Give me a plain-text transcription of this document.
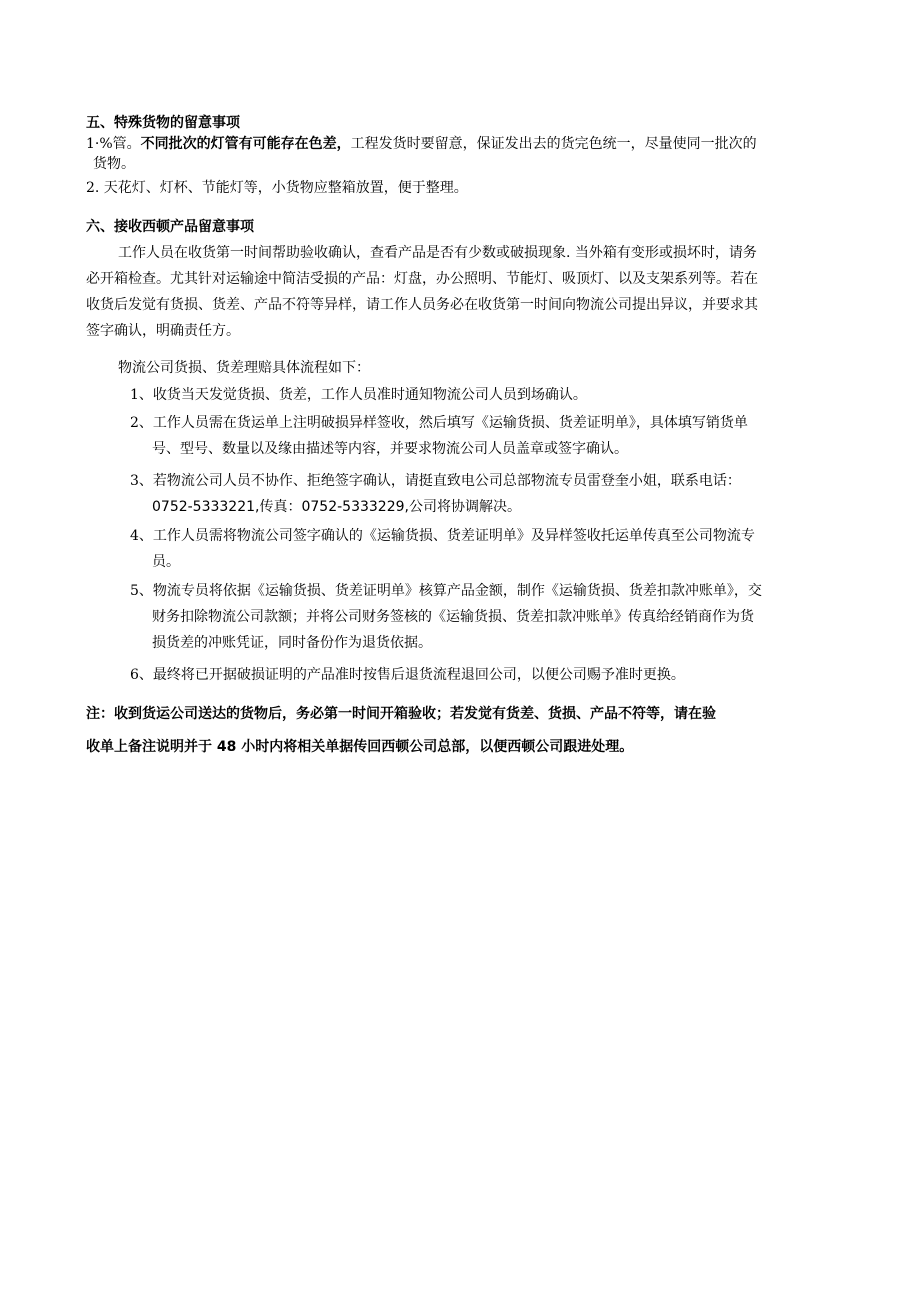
五、特殊货物的留意事项
1·%管。不同批次的灯管有可能存在色差，工程发货时要留意，保证发出去的货完色统一，尽量使同一批次的
货物。
2. 天花灯、灯杯、节能灯等，小货物应整箱放置，便于整理。
六、接收西顿产品留意事项
工作人员在收货第一时间帮助验收确认，查看产品是否有少数或破损现象. 当外箱有变形或损坏时，请务
必开箱检查。尤其针对运输途中简洁受损的产品：灯盘，办公照明、节能灯、吸顶灯、以及支架系列等。若在
收货后发觉有货损、货差、产品不符等异样，请工作人员务必在收货第一时间向物流公司提出异议，并要求其
签字确认，明确责任方。
物流公司货损、货差理赔具体流程如下：
1、收货当天发觉货损、货差，工作人员准时通知物流公司人员到场确认。
2、工作人员需在货运单上注明破损异样签收，然后填写《运输货损、货差证明单》，具体填写销货单
号、型号、数量以及缘由描述等内容，并要求物流公司人员盖章或签字确认。
3、若物流公司人员不协作、拒绝签字确认，请挺直致电公司总部物流专员雷登奎小姐，联系电话：
0752-5333221,传真：0752-5333229,公司将协调解决。
4、工作人员需将物流公司签字确认的《运输货损、货差证明单》及异样签收托运单传真至公司物流专
员。
5、物流专员将依据《运输货损、货差证明单》核算产品金额，制作《运输货损、货差扣款冲账单》，交
财务扣除物流公司款额；并将公司财务签核的《运输货损、货差扣款冲账单》传真给经销商作为货
损货差的冲账凭证，同时备份作为退货依据。
6、最终将已开据破损证明的产品准时按售后退货流程退回公司，以便公司赐予准时更换。
注：收到货运公司送达的货物后，务必第一时间开箱验收；若发觉有货差、货损、产品不符等，请在验
收单上备注说明并于 48 小时内将相关单据传回西顿公司总部，以便西顿公司跟进处理。
